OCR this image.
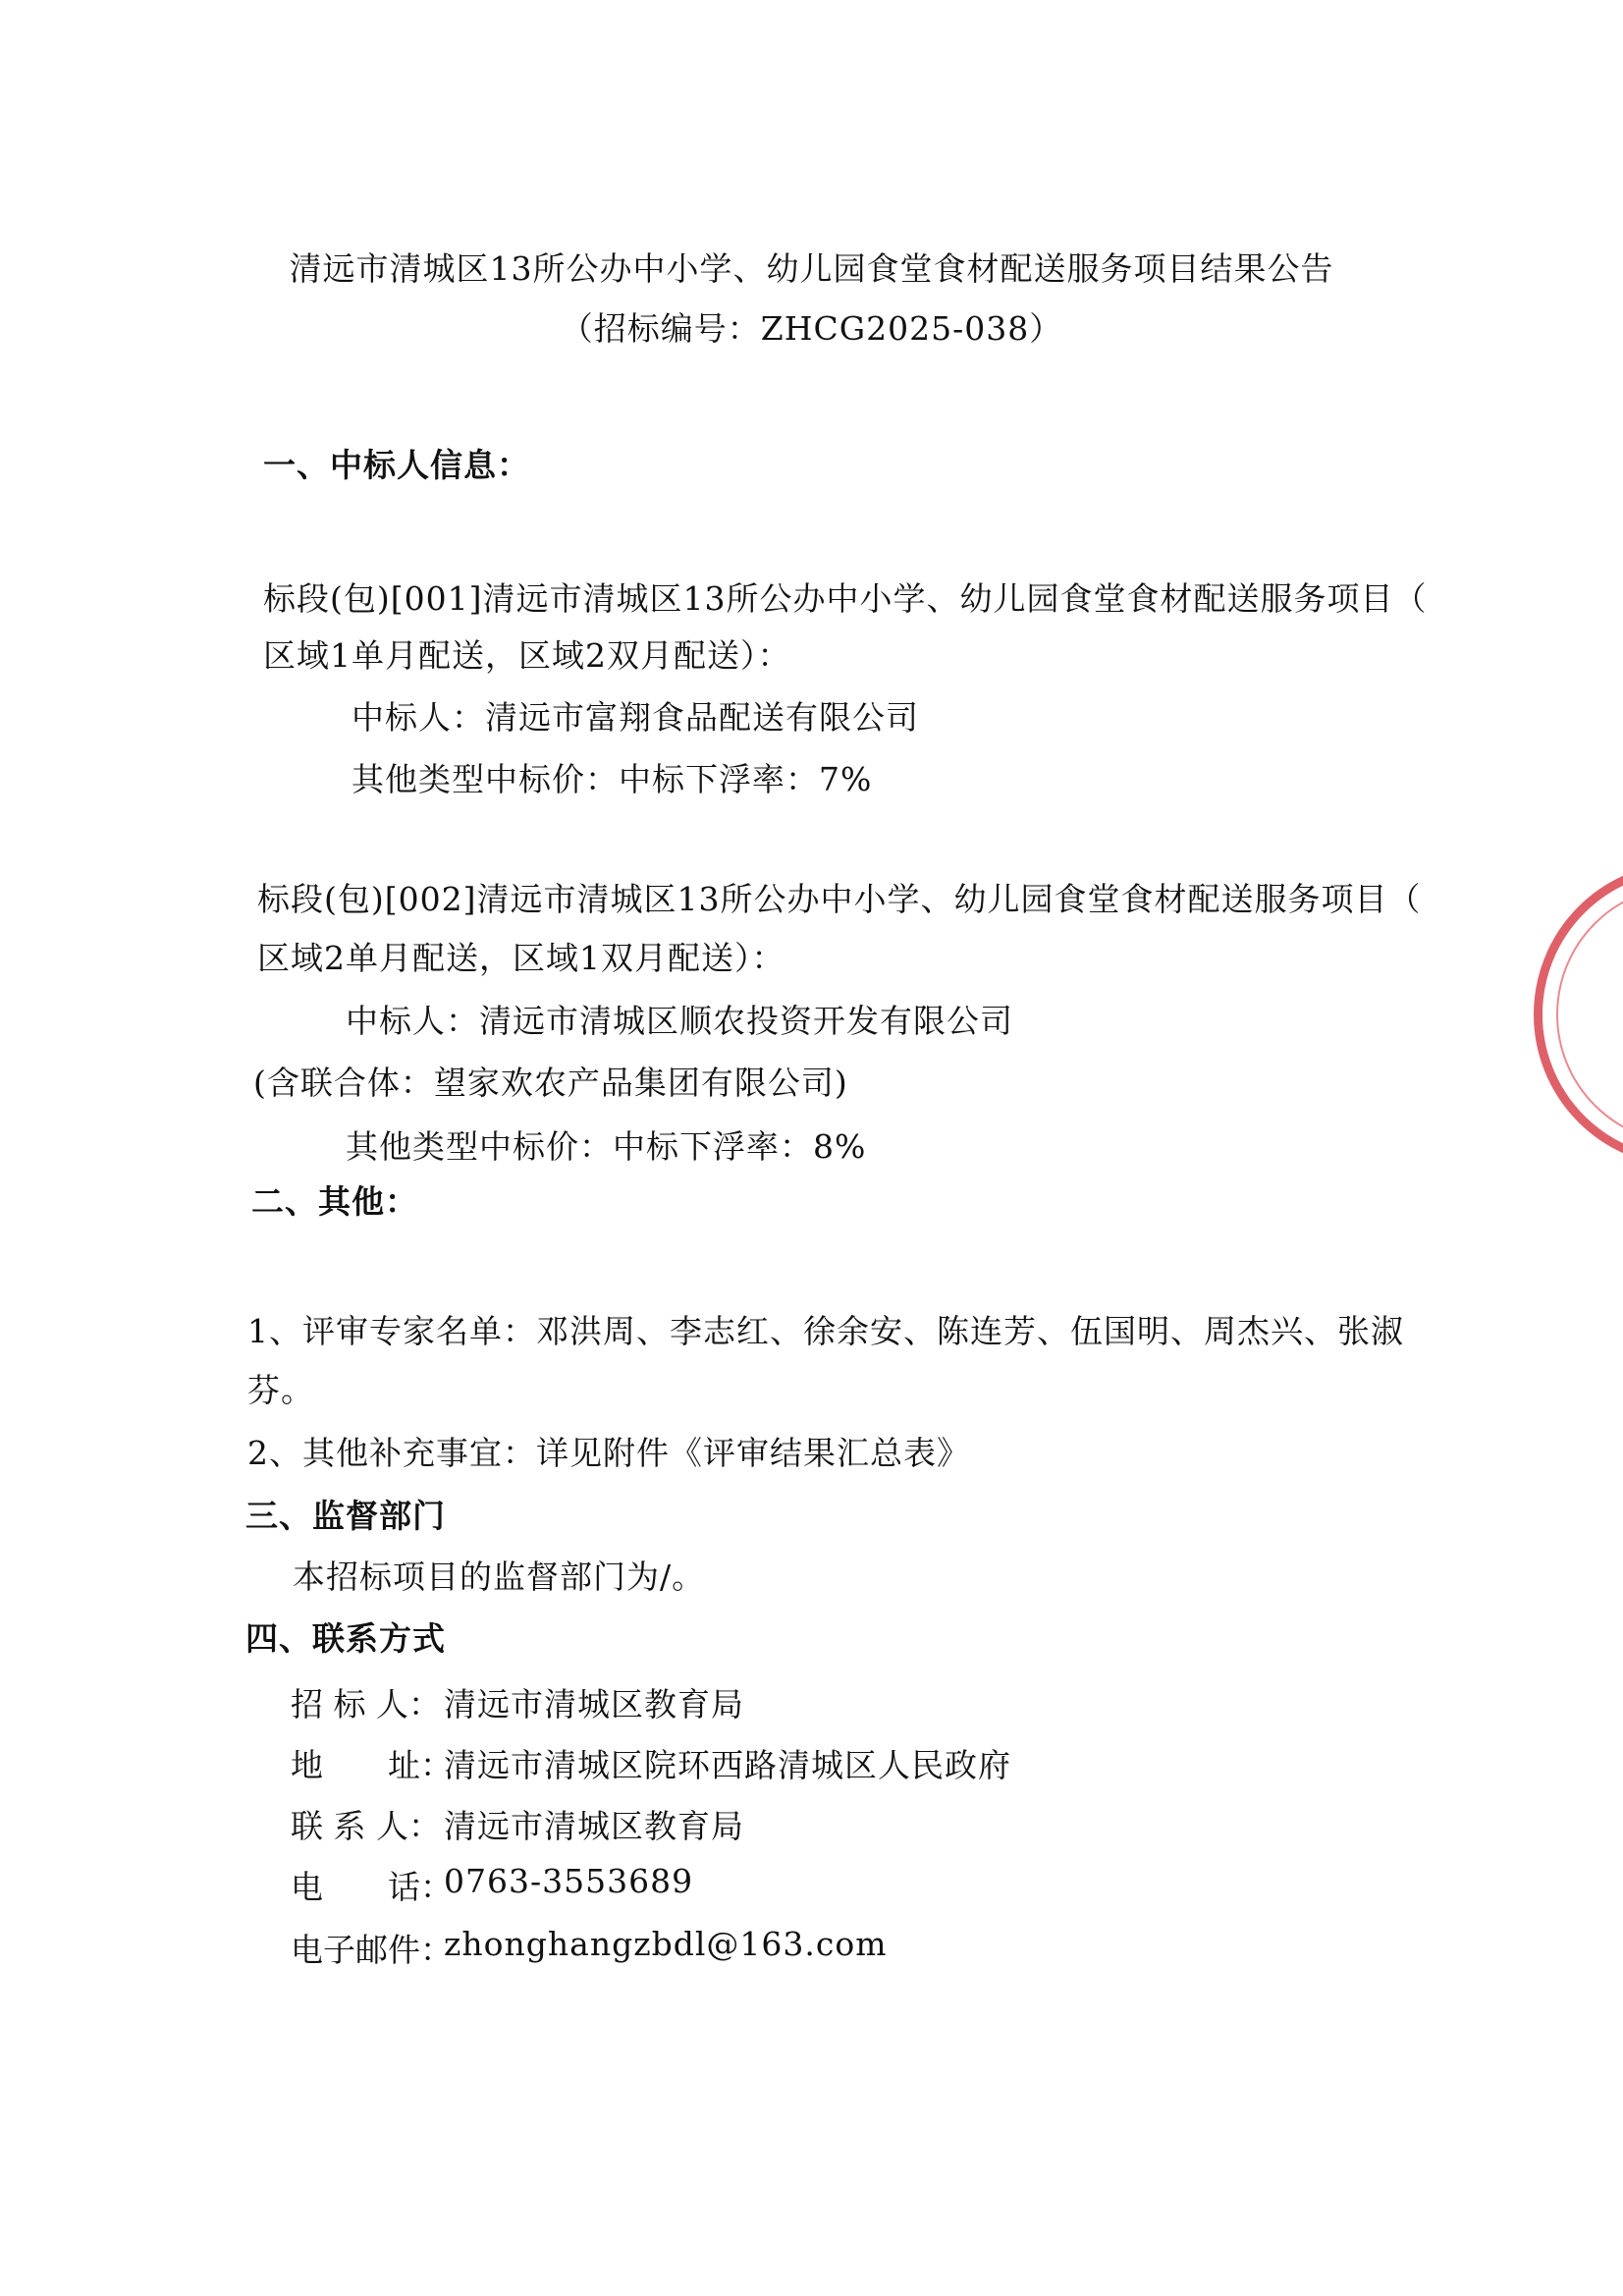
清远市清城区13所公办中小学、幼儿园食堂食材配送服务项目结果公告
（招标编号：ZHCG2025-038）
一、中标人信息：
标段(包)[001]清远市清城区13所公办中小学、幼儿园食堂食材配送服务项目（
区域1单月配送，区域2双月配送）：
中标人：清远市富翔食品配送有限公司
其他类型中标价：中标下浮率：7%
标段(包)[002]清远市清城区13所公办中小学、幼儿园食堂食材配送服务项目（
区域2单月配送，区域1双月配送）：
中标人：清远市清城区顺农投资开发有限公司
(含联合体：望家欢农产品集团有限公司)
其他类型中标价：中标下浮率：8%
二、其他：
1、评审专家名单：邓洪周、李志红、徐余安、陈连芳、伍国明、周杰兴、张淑
芬。
2、其他补充事宜：详见附件《评审结果汇总表》
三、监督部门
本招标项目的监督部门为/。
四、联系方式
招 标 人： 清远市清城区教育局
地　　址：
清远市清城区院环西路清城区人民政府
联 系 人： 清远市清城区教育局
电　　话：
0763-3553689
电子邮件：
zhonghangzbdl@163.com
